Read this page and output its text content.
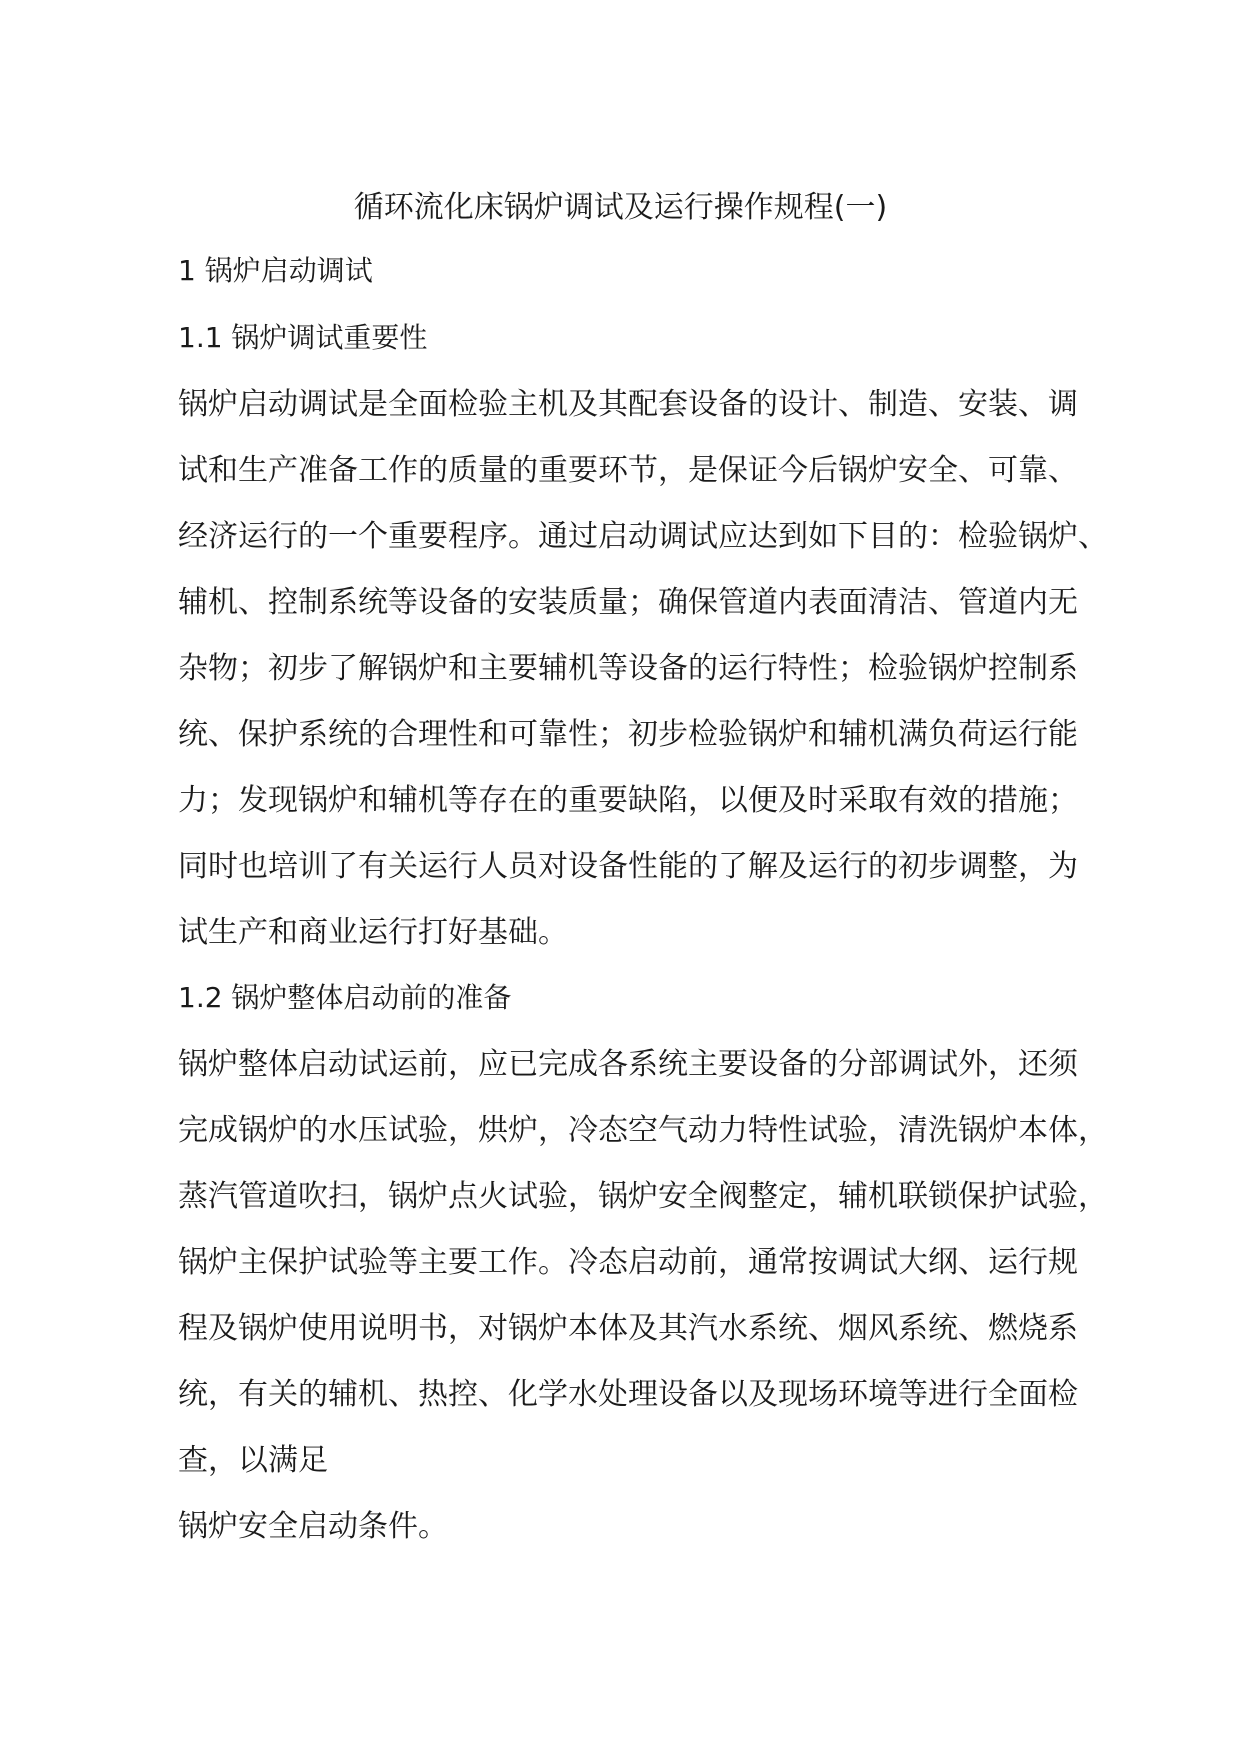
循环流化床锅炉调试及运行操作规程(一)
1 锅炉启动调试
1.1 锅炉调试重要性
锅炉启动调试是全面检验主机及其配套设备的设计、制造、安装、调
试和生产准备工作的质量的重要环节，是保证今后锅炉安全、可靠、
经济运行的一个重要程序。通过启动调试应达到如下目的：检验锅炉、
辅机、控制系统等设备的安装质量；确保管道内表面清洁、管道内无
杂物；初步了解锅炉和主要辅机等设备的运行特性；检验锅炉控制系
统、保护系统的合理性和可靠性；初步检验锅炉和辅机满负荷运行能
力；发现锅炉和辅机等存在的重要缺陷，以便及时采取有效的措施；
同时也培训了有关运行人员对设备性能的了解及运行的初步调整，为
试生产和商业运行打好基础。
1.2 锅炉整体启动前的准备
锅炉整体启动试运前，应已完成各系统主要设备的分部调试外，还须
完成锅炉的水压试验，烘炉，冷态空气动力特性试验，清洗锅炉本体，
蒸汽管道吹扫，锅炉点火试验，锅炉安全阀整定，辅机联锁保护试验，
锅炉主保护试验等主要工作。冷态启动前，通常按调试大纲、运行规
程及锅炉使用说明书，对锅炉本体及其汽水系统、烟风系统、燃烧系
统，有关的辅机、热控、化学水处理设备以及现场环境等进行全面检
查，以满足
锅炉安全启动条件。
